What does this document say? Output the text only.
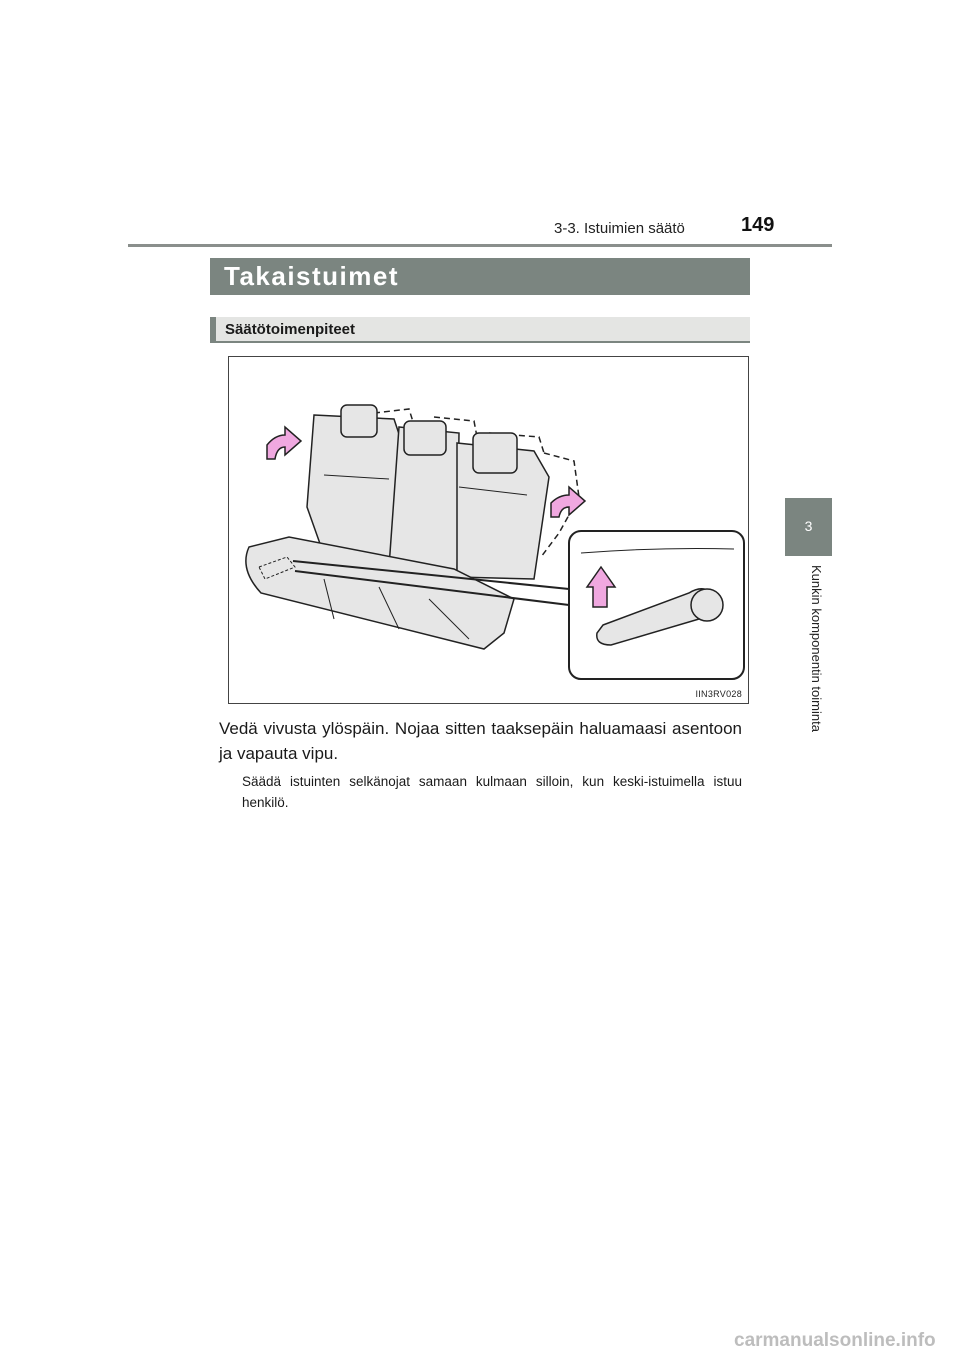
3-3. Istuimien säätö	149
3
Kunkin komponentin toiminta
Takaistuimet
Säätötoimenpiteet
IIN3RV028
Vedä vivusta ylöspäin. Nojaa sitten taaksepäin haluamaasi asentoon ja vapauta vipu.
Säädä istuinten selkänojat samaan kulmaan silloin, kun keski-istuimella istuu henkilö.
carmanualsonline.info
